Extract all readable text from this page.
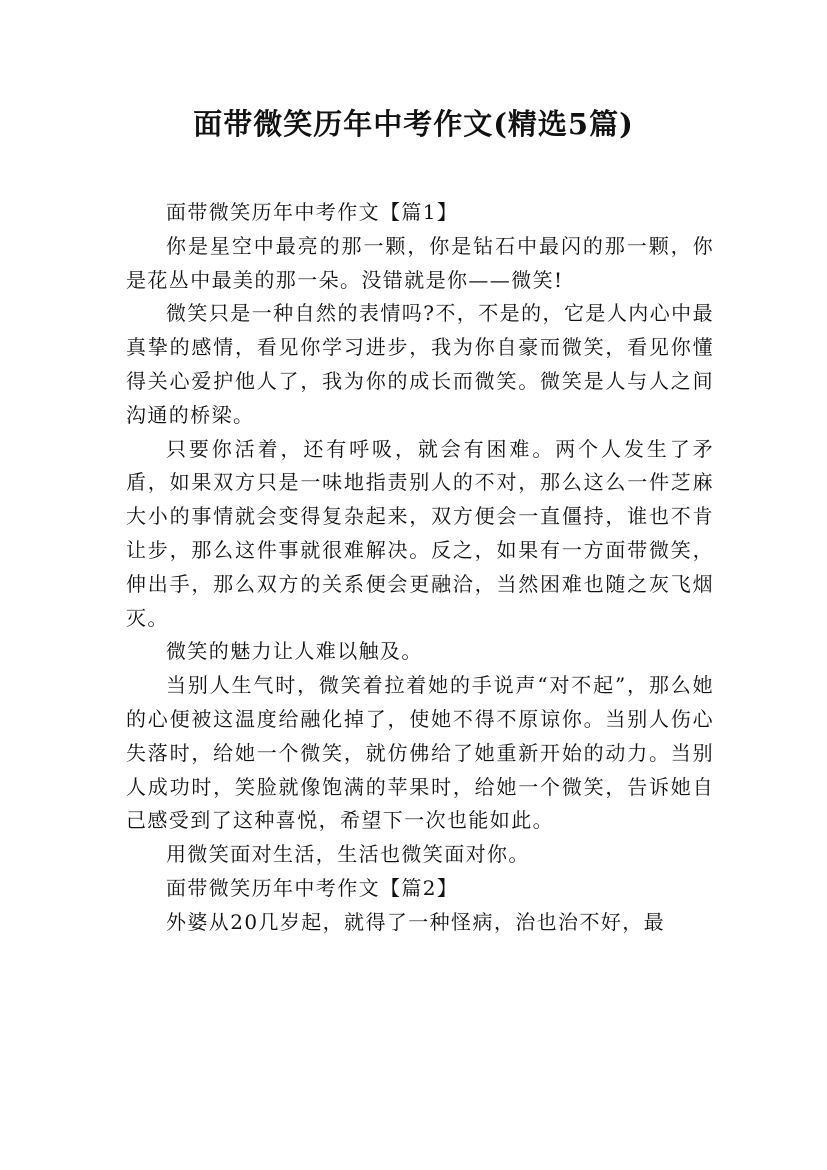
面带微笑历年中考作文(精选5篇)

面带微笑历年中考作文【篇1】

你是星空中最亮的那一颗，你是钻石中最闪的那一颗，你是花丛中最美的那一朵。没错就是你——微笑!

微笑只是一种自然的表情吗?不，不是的，它是人内心中最真挚的感情，看见你学习进步，我为你自豪而微笑，看见你懂得关心爱护他人了，我为你的成长而微笑。微笑是人与人之间沟通的桥梁。

只要你活着，还有呼吸，就会有困难。两个人发生了矛盾，如果双方只是一味地指责别人的不对，那么这么一件芝麻大小的事情就会变得复杂起来，双方便会一直僵持，谁也不肯让步，那么这件事就很难解决。反之，如果有一方面带微笑，伸出手，那么双方的关系便会更融洽，当然困难也随之灰飞烟灭。

微笑的魅力让人难以触及。

当别人生气时，微笑着拉着她的手说声“对不起”，那么她的心便被这温度给融化掉了，使她不得不原谅你。当别人伤心失落时，给她一个微笑，就仿佛给了她重新开始的动力。当别人成功时，笑脸就像饱满的苹果时，给她一个微笑，告诉她自己感受到了这种喜悦，希望下一次也能如此。

用微笑面对生活，生活也微笑面对你。

面带微笑历年中考作文【篇2】

外婆从20几岁起，就得了一种怪病，治也治不好，最
